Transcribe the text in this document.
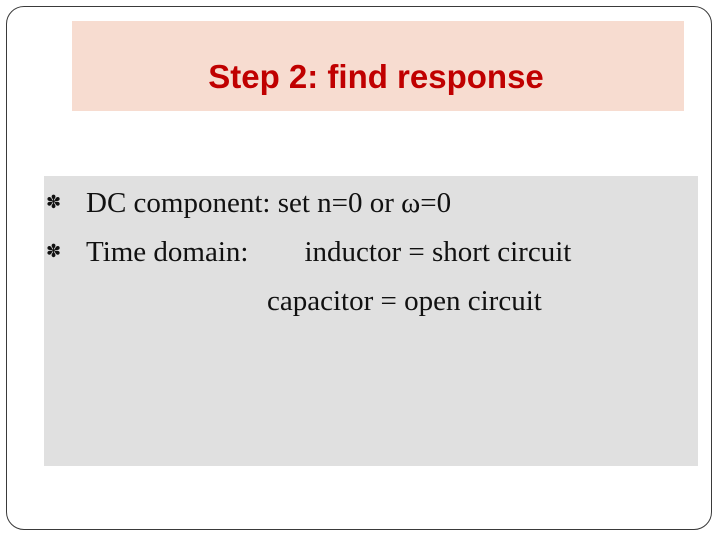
Step 2: find response
✽ DC component: set n=0 or ω=0
✽ Time domain: inductor = short circuit
capacitor = open circuit
